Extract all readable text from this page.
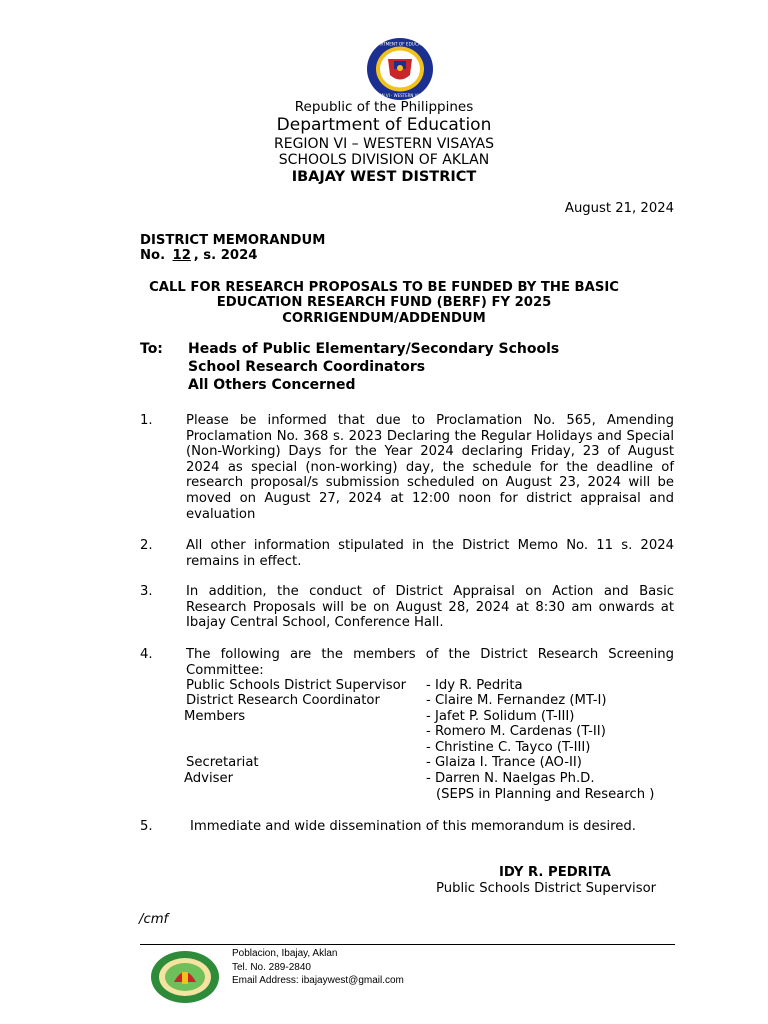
DEPARTMENT OF EDUCATION
REGION VI · WESTERN VISAYAS
Republic of the Philippines
Department of Education
REGION VI – WESTERN VISAYAS
SCHOOLS DIVISION OF AKLAN
IBAJAY WEST DISTRICT
August 21, 2024
DISTRICT MEMORANDUM
No. 12 , s. 2024
CALL FOR RESEARCH PROPOSALS TO BE FUNDED BY THE BASIC
EDUCATION RESEARCH FUND (BERF) FY 2025
CORRIGENDUM/ADDENDUM
To: Heads of Public Elementary/Secondary Schools
School Research Coordinators
All Others Concerned
1.	Please be informed that due to Proclamation No. 565, Amending Proclamation No. 368 s. 2023 Declaring the Regular Holidays and Special (Non-Working) Days for the Year 2024 declaring Friday, 23 of August 2024 as special (non-working) day, the schedule for the deadline of research proposal/s submission scheduled on August 23, 2024 will be moved on August 27, 2024 at 12:00 noon for district appraisal and evaluation
2.	All other information stipulated in the District Memo No. 11 s. 2024 remains in effect.
3.	In addition, the conduct of District Appraisal on Action and Basic Research Proposals will be on August 28, 2024 at 8:30 am onwards at Ibajay Central School, Conference Hall.
4.	The following are the members of the District Research Screening Committee:
Public Schools District Supervisor - Idy R. Pedrita
District Research Coordinator	- Claire M. Fernandez (MT-I)
Members	- Jafet P. Solidum (T-III)
- Romero M. Cardenas (T-II)
- Christine C. Tayco (T-III)
Secretariat	- Glaiza I. Trance (AO-II)
Adviser	- Darren N. Naelgas Ph.D.
(SEPS in Planning and Research )
5.	Immediate and wide dissemination of this memorandum is desired.
IDY R. PEDRITA
Public Schools District Supervisor
/cmf
Poblacion, Ibajay, Aklan
Tel. No. 289-2840
Email Address: ibajaywest@gmail.com
